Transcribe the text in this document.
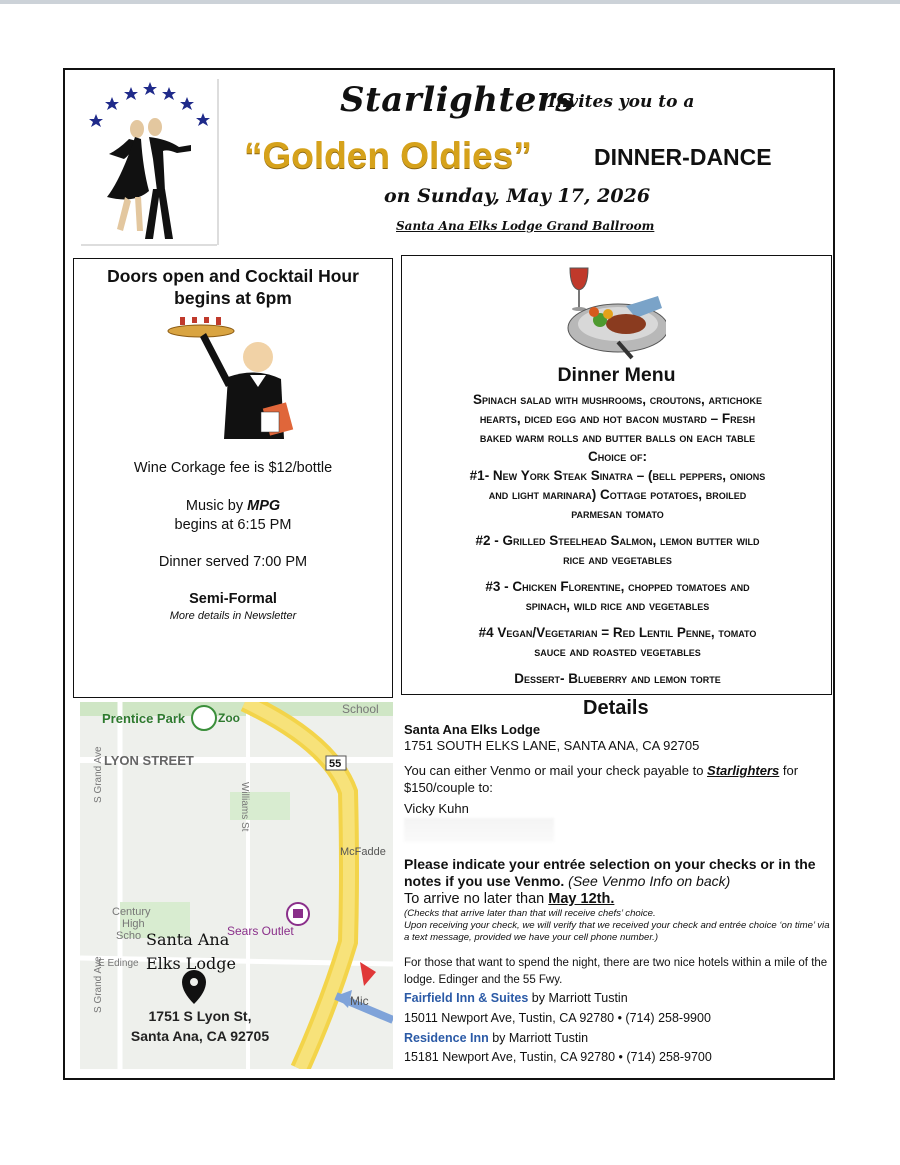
Starlighters
Invites you to a
“Golden Oldies”	DINNER-DANCE
on Sunday, May 17, 2026
Santa Ana Elks Lodge Grand Ballroom
Doors open and Cocktail Hour
begins at 6pm
Wine Corkage fee is $12/bottle
Music by MPG
begins at 6:15 PM
Dinner served 7:00 PM
Semi-Formal
More details in Newsletter
Dinner Menu
Spinach salad with mushrooms, croutons, artichoke
hearts, diced egg and hot bacon mustard – Fresh
baked warm rolls and butter balls on each table
Choice of:
#1- New York Steak Sinatra – (bell peppers, onions
and light marinara) Cottage potatoes, broiled
parmesan tomato
#2 - Grilled Steelhead Salmon, lemon butter wild
rice and vegetables
#3 - Chicken Florentine, chopped tomatoes and
spinach, wild rice and vegetables
#4 Vegan/Vegetarian = Red Lentil Penne, tomato
sauce and roasted vegetables
Dessert- Blueberry and lemon torte
Prentice Park	Zoo
School
LYON STREET	55
Williams St
S Grand Ave
McFadde
Century
High
Scho	Sears Outlet
E Edinge
S Grand Ave	Mic
Santa Ana
Elks Lodge
1751 S Lyon St,
Santa Ana, CA 92705
Details
Santa Ana Elks Lodge
1751 SOUTH ELKS LANE, SANTA ANA, CA 92705
You can either Venmo or mail your check payable to Starlighters for
$150/couple to:
Vicky Kuhn
Please indicate your entrée selection on your checks or in the notes if you use Venmo. (See Venmo Info on back)
To arrive no later than May 12th.
(Checks that arrive later than that will receive chefs’ choice.
Upon receiving your check, we will verify that we received your check and entrée choice ‘on time’ via a text message, provided we have your cell phone number.)
For those that want to spend the night, there are two nice hotels within a mile of the lodge. Edinger and the 55 Fwy.
Fairfield Inn & Suites by Marriott Tustin
15011 Newport Ave, Tustin, CA 92780 • (714) 258-9900
Residence Inn by Marriott Tustin
15181 Newport Ave, Tustin, CA 92780 • (714) 258-9700
